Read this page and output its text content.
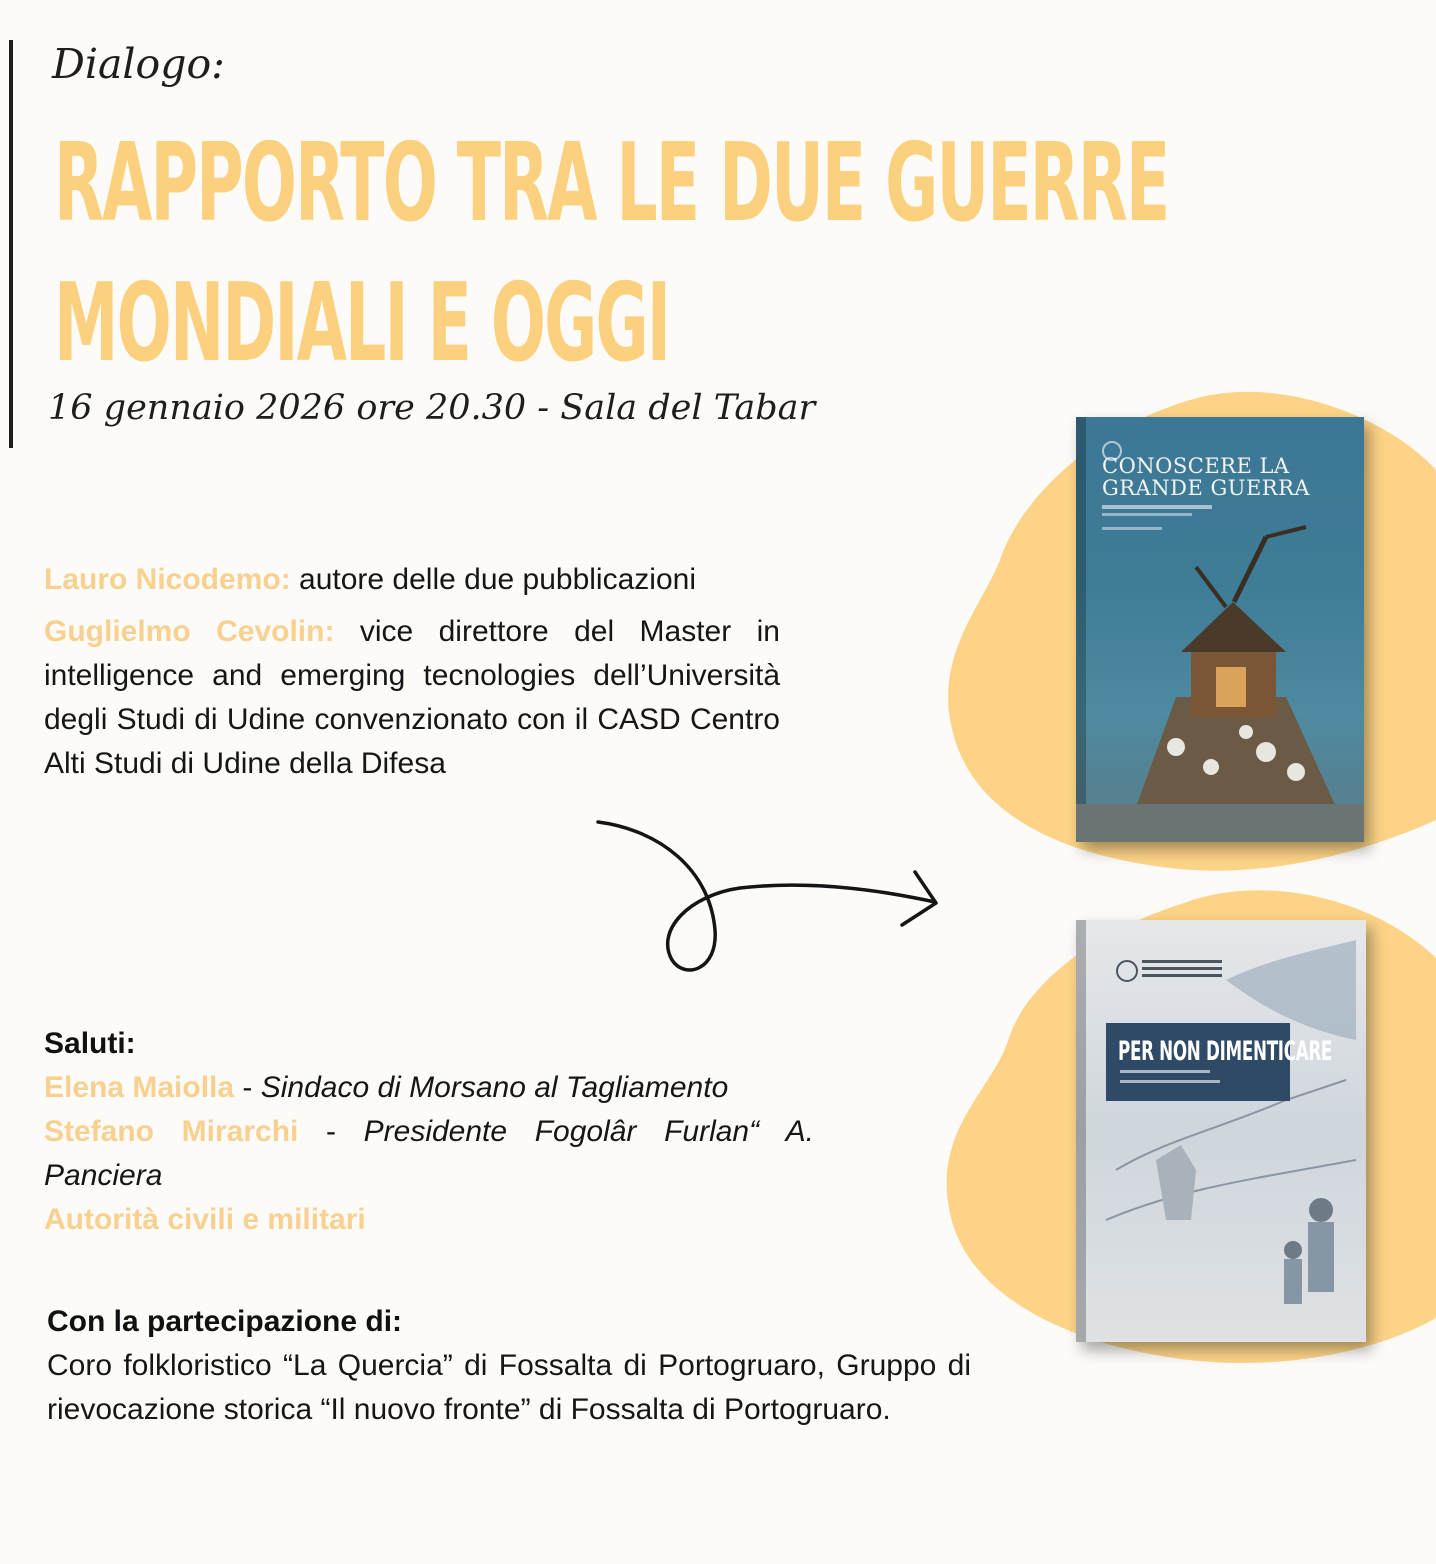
Dialogo:
RAPPORTO TRA LE DUE GUERRE
MONDIALI E OGGI
16 gennaio 2026 ore 20.30 - Sala del Tabar
CONOSCERE LA
GRANDE GUERRA
PER NON DIMENTICARE

Lauro Nicodemo: autore delle due pubblicazioni

Guglielmo Cevolin: vice direttore del Master in intelligence and emerging tecnologies dell’Università degli Studi di Udine convenzionato con il CASD Centro Alti Studi di Udine della Difesa

Saluti:

Elena Maiolla - Sindaco di Morsano al Tagliamento

Stefano Mirarchi - Presidente Fogolâr Furlan“ A. Panciera

Autorità civili e militari

Con la partecipazione di:

Coro folkloristico “La Quercia” di Fossalta di Portogruaro, Gruppo di rievocazione storica “Il nuovo fronte” di Fossalta di Portogruaro.
